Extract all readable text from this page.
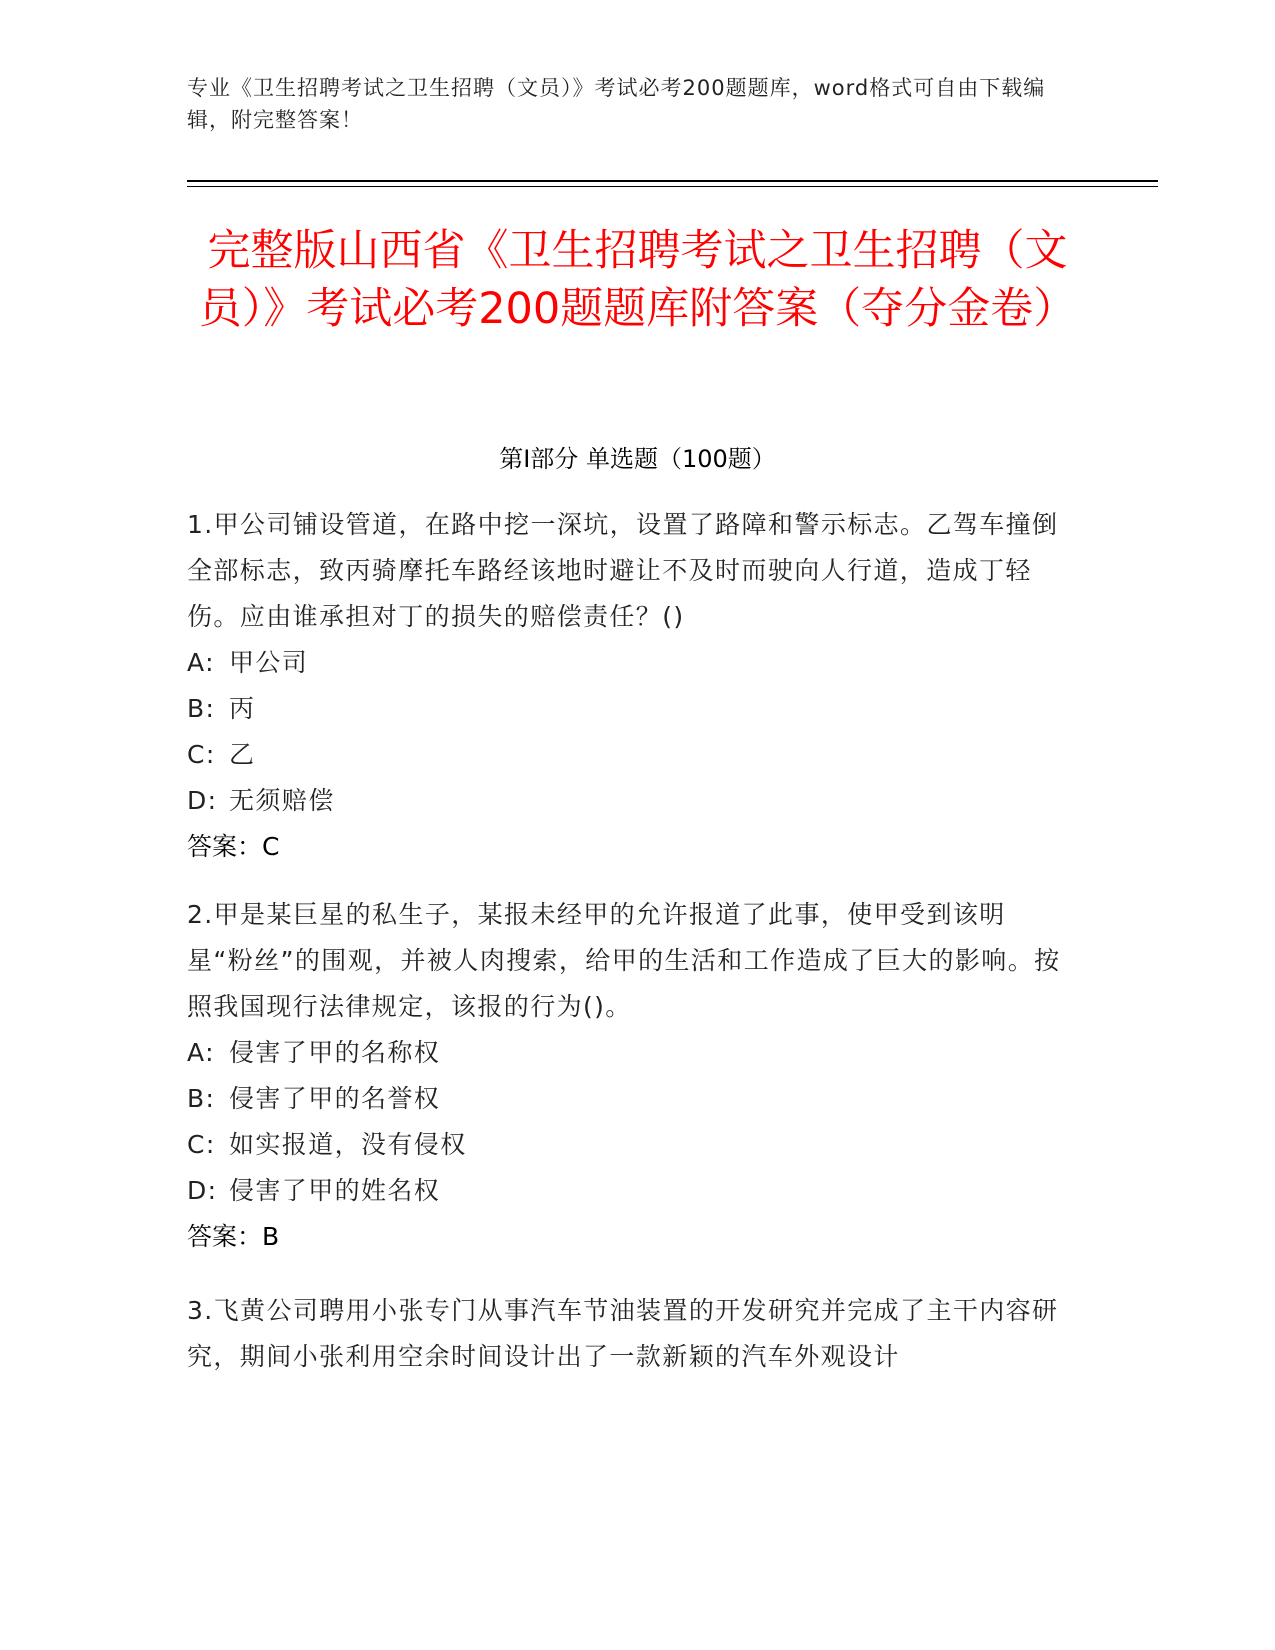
专业《卫生招聘考试之卫生招聘（文员）》考试必考200题题库，word格式可自由下载编辑，附完整答案！
完整版山西省《卫生招聘考试之卫生招聘（文员）》考试必考200题题库附答案（夺分金卷）
第Ⅰ部分 单选题（100题）

1.甲公司铺设管道，在路中挖一深坑，设置了路障和警示标志。乙驾车撞倒全部标志，致丙骑摩托车路经该地时避让不及时而驶向人行道，造成丁轻伤。应由谁承担对丁的损失的赔偿责任？()

A: 甲公司

B: 丙

C: 乙

D: 无须赔偿

答案：C

2.甲是某巨星的私生子，某报未经甲的允许报道了此事，使甲受到该明星“粉丝”的围观，并被人肉搜索，给甲的生活和工作造成了巨大的影响。按照我国现行法律规定，该报的行为()。

A: 侵害了甲的名称权

B: 侵害了甲的名誉权

C: 如实报道，没有侵权

D: 侵害了甲的姓名权

答案：B

3.飞黄公司聘用小张专门从事汽车节油装置的开发研究并完成了主干内容研究，期间小张利用空余时间设计出了一款新颖的汽车外观设计
